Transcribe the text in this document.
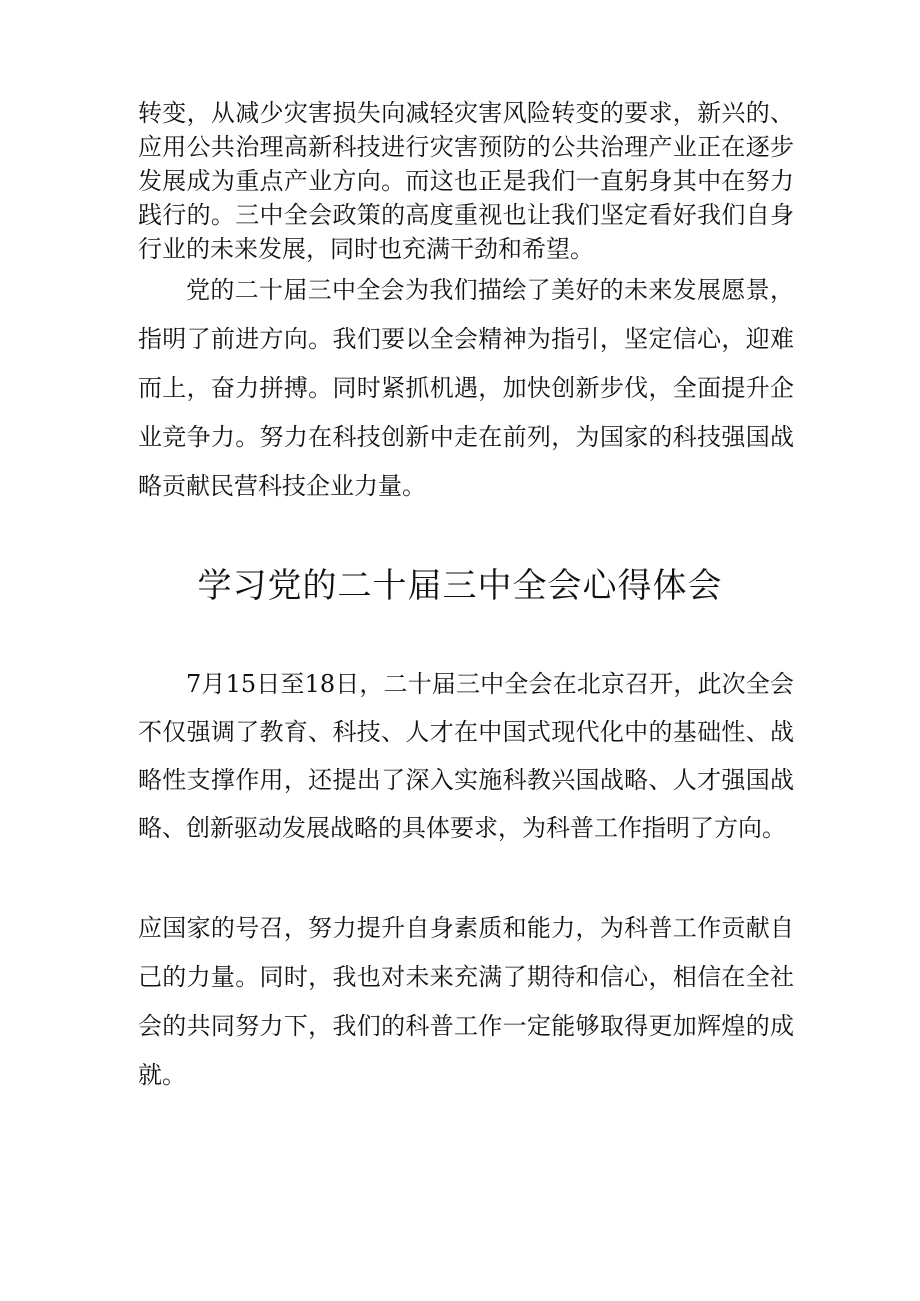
转变，从减少灾害损失向减轻灾害风险转变的要求，新兴的、应用公共治理高新科技进行灾害预防的公共治理产业正在逐步发展成为重点产业方向。而这也正是我们一直躬身其中在努力践行的。三中全会政策的高度重视也让我们坚定看好我们自身行业的未来发展，同时也充满干劲和希望。

党的二十届三中全会为我们描绘了美好的未来发展愿景，指明了前进方向。我们要以全会精神为指引，坚定信心，迎难而上，奋力拼搏。同时紧抓机遇，加快创新步伐，全面提升企业竞争力。努力在科技创新中走在前列，为国家的科技强国战略贡献民营科技企业力量。

学习党的二十届三中全会心得体会

7月15日至18日，二十届三中全会在北京召开，此次全会不仅强调了教育、科技、人才在中国式现代化中的基础性、战略性支撑作用，还提出了深入实施科教兴国战略、人才强国战略、创新驱动发展战略的具体要求，为科普工作指明了方向。

应国家的号召，努力提升自身素质和能力，为科普工作贡献自己的力量。同时，我也对未来充满了期待和信心，相信在全社会的共同努力下，我们的科普工作一定能够取得更加辉煌的成就。
